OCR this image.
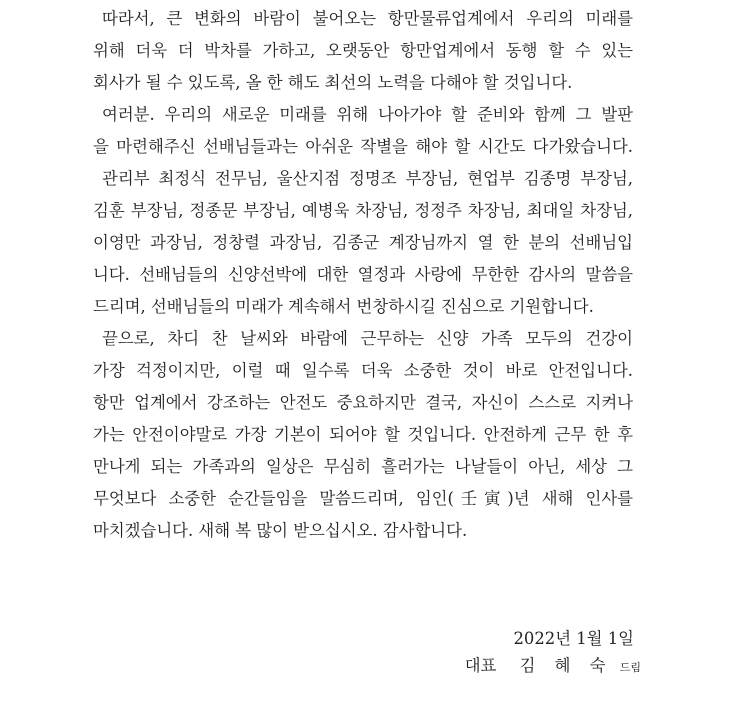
따라서, 큰 변화의 바람이 불어오는 항만물류업계에서 우리의 미래를
위해 더욱 더 박차를 가하고, 오랫동안 항만업계에서 동행 할 수 있는
회사가 될 수 있도록, 올 한 해도 최선의 노력을 다해야 할 것입니다.
여러분. 우리의 새로운 미래를 위해 나아가야 할 준비와 함께 그 발판
을 마련해주신 선배님들과는 아쉬운 작별을 해야 할 시간도 다가왔습니다.
관리부 최정식 전무님, 울산지점 정명조 부장님, 현업부 김종명 부장님,
김훈 부장님, 정종문 부장님, 예병욱 차장님, 정정주 차장님, 최대일 차장님,
이영만 과장님, 정창렬 과장님, 김종군 계장님까지 열 한 분의 선배님입
니다. 선배님들의 신양선박에 대한 열정과 사랑에 무한한 감사의 말씀을
드리며, 선배님들의 미래가 계속해서 번창하시길 진심으로 기원합니다.
끝으로, 차디 찬 날씨와 바람에 근무하는 신양 가족 모두의 건강이
가장 걱정이지만, 이럴 때 일수록 더욱 소중한 것이 바로 안전입니다.
항만 업계에서 강조하는 안전도 중요하지만 결국, 자신이 스스로 지켜나
가는 안전이야말로 가장 기본이 되어야 할 것입니다. 안전하게 근무 한 후
만나게 되는 가족과의 일상은 무심히 흘러가는 나날들이 아닌, 세상 그
무엇보다 소중한 순간들임을 말씀드리며, 임인(壬寅)년 새해 인사를
마치겠습니다. 새해 복 많이 받으십시오. 감사합니다.
2022년 1월 1일
대표 김 혜 숙 드림
